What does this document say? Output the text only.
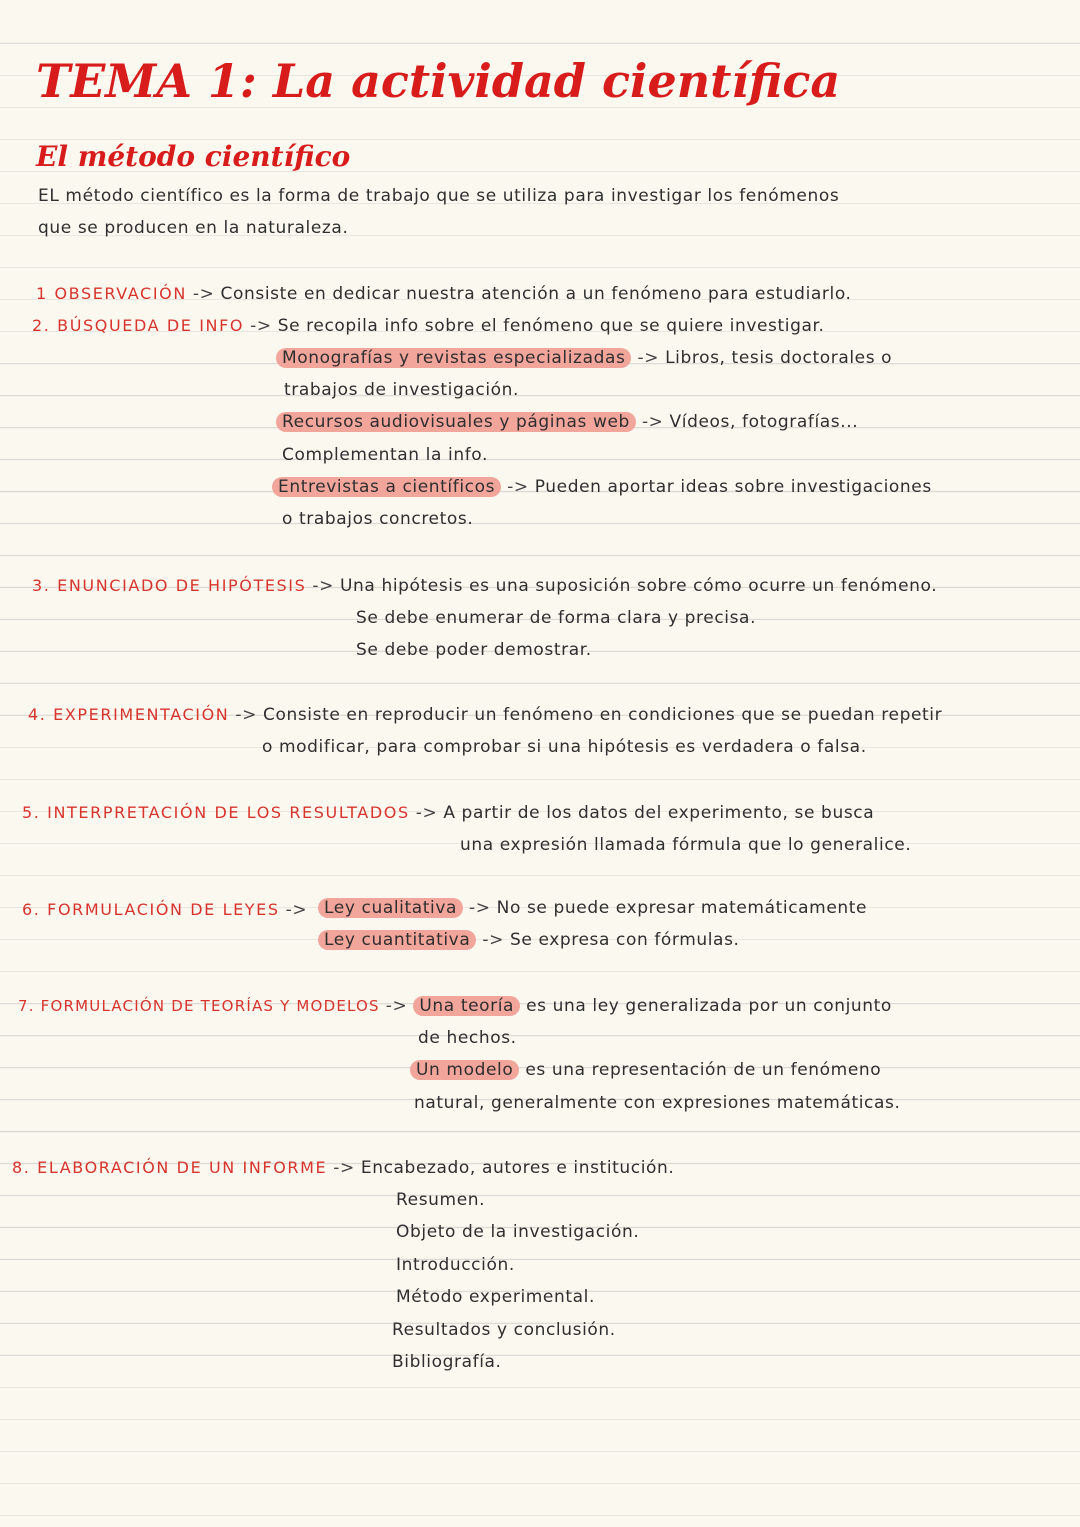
TEMA 1: La actividad científica
El método científico
EL método científico es la forma de trabajo que se utiliza para investigar los fenómenos
que se producen en la naturaleza.
1 OBSERVACIÓN -> Consiste en dedicar nuestra atención a un fenómeno para estudiarlo.
2. BÚSQUEDA DE INFO -> Se recopila info sobre el fenómeno que se quiere investigar.
Monografías y revistas especializadas -> Libros, tesis doctorales o
trabajos de investigación.
Recursos audiovisuales y páginas web -> Vídeos, fotografías...
Complementan la info.
Entrevistas a científicos -> Pueden aportar ideas sobre investigaciones
o trabajos concretos.
3. ENUNCIADO DE HIPÓTESIS -> Una hipótesis es una suposición sobre cómo ocurre un fenómeno.
Se debe enumerar de forma clara y precisa.
Se debe poder demostrar.
4. EXPERIMENTACIÓN -> Consiste en reproducir un fenómeno en condiciones que se puedan repetir
o modificar, para comprobar si una hipótesis es verdadera o falsa.
5. INTERPRETACIÓN DE LOS RESULTADOS -> A partir de los datos del experimento, se busca
una expresión llamada fórmula que lo generalice.
6. FORMULACIÓN DE LEYES -> Ley cualitativa -> No se puede expresar matemáticamente
Ley cuantitativa -> Se expresa con fórmulas.
7. FORMULACIÓN DE TEORÍAS Y MODELOS -> Una teoría es una ley generalizada por un conjunto
de hechos.
Un modelo es una representación de un fenómeno
natural, generalmente con expresiones matemáticas.
8. ELABORACIÓN DE UN INFORME -> Encabezado, autores e institución.
Resumen.
Objeto de la investigación.
Introducción.
Método experimental.
Resultados y conclusión.
Bibliografía.
